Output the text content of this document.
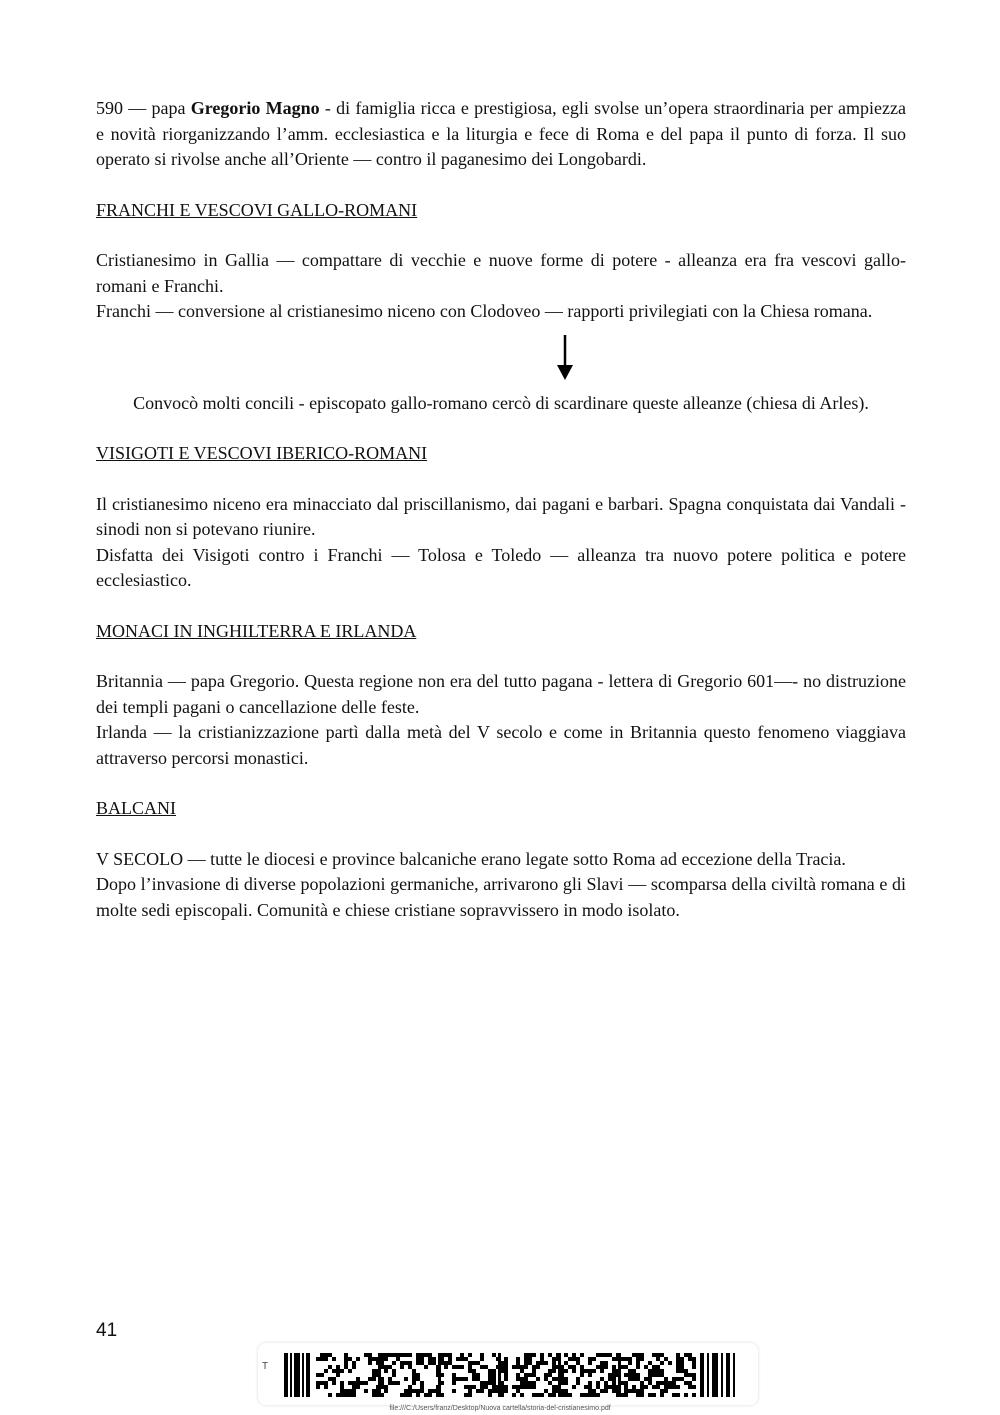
590 — papa Gregorio Magno - di famiglia ricca e prestigiosa, egli svolse un’opera straordinaria per ampiezza e novità riorganizzando l’amm. ecclesiastica e la liturgia e fece di Roma e del papa il punto di forza. Il suo operato si rivolse anche all’Oriente — contro il paganesimo dei Longobardi.

FRANCHI E VESCOVI GALLO-ROMANI

Cristianesimo in Gallia — compattare di vecchie e nuove forme di potere - alleanza era fra vescovi gallo-romani e Franchi.

Franchi — conversione al cristianesimo niceno con Clodoveo — rapporti privilegiati con la Chiesa romana.

Convocò molti concili - episcopato gallo-romano cercò di scardinare queste alleanze (chiesa di Arles).

VISIGOTI E VESCOVI IBERICO-ROMANI

Il cristianesimo niceno era minacciato dal priscillanismo, dai pagani e barbari. Spagna conquistata dai Vandali - sinodi non si potevano riunire.

Disfatta dei Visigoti contro i Franchi — Tolosa e Toledo — alleanza tra nuovo potere politica e potere ecclesiastico.

MONACI IN INGHILTERRA E IRLANDA

Britannia — papa Gregorio. Questa regione non era del tutto pagana - lettera di Gregorio 601—- no distruzione dei templi pagani o cancellazione delle feste.

Irlanda — la cristianizzazione partì dalla metà del V secolo e come in Britannia questo fenomeno viaggiava attraverso percorsi monastici.

BALCANI

V SECOLO — tutte le diocesi e province balcaniche erano legate sotto Roma ad eccezione della Tracia.

Dopo l’invasione di diverse popolazioni germaniche, arrivarono gli Slavi — scomparsa della civiltà romana e di molte sedi episcopali. Comunità e chiese cristiane sopravvissero in modo isolato.

41
T
file:///C:/Users/franz/Desktop/Nuova cartella/storia-del-cristianesimo.pdf
